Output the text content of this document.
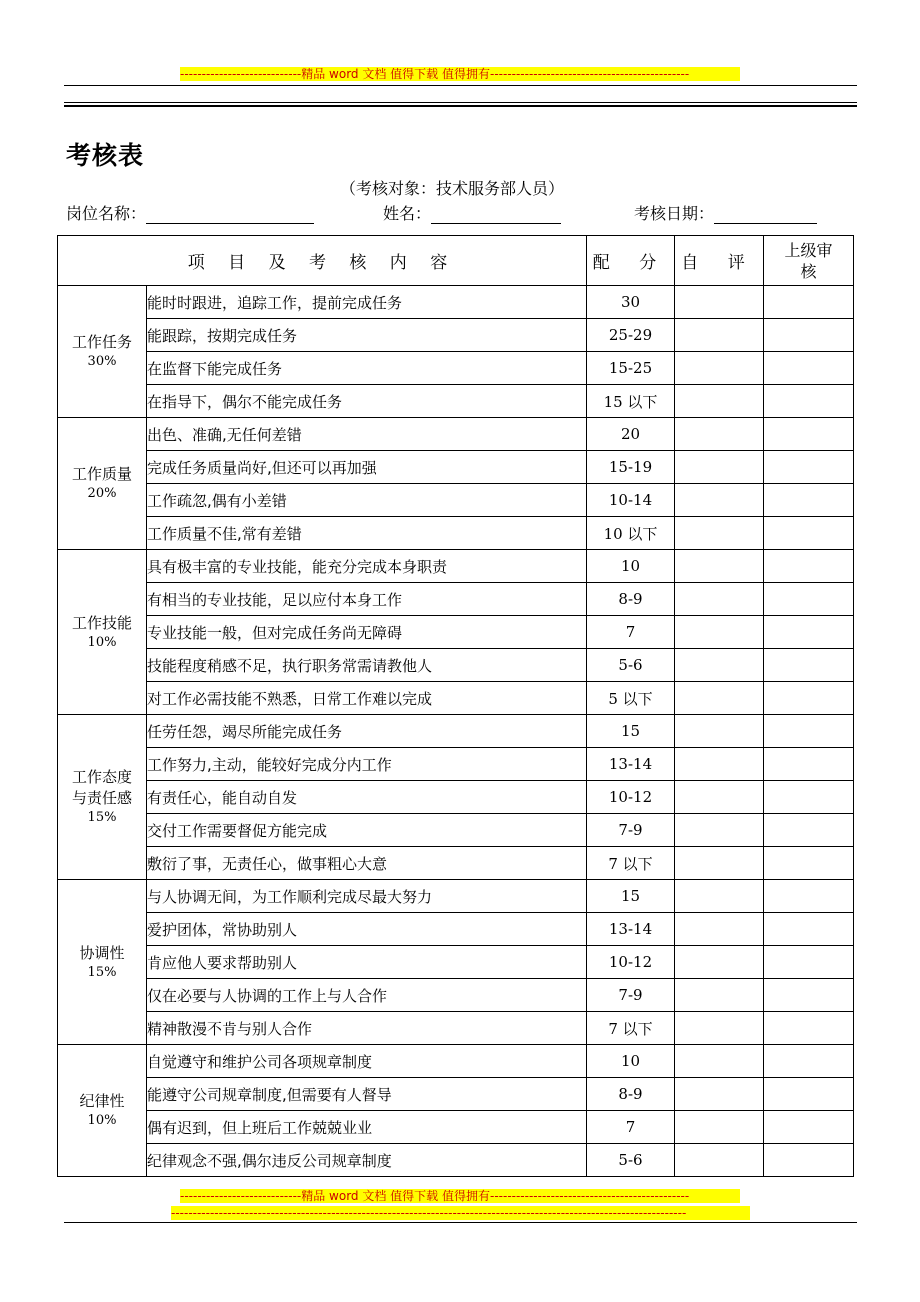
----------------------------精品 word 文档 值得下载 值得拥有----------------------------------------------
考核表
（考核对象：技术服务部人员）
岗位名称：	姓名：	考核日期：
项 目 及 考 核 内 容		配 分	自 评	上级审核

工作任务
30%	能时时跟进，追踪工作，提前完成任务	30		
	能跟踪，按期完成任务	25-29		
	在监督下能完成任务	15-25		
	在指导下，偶尔不能完成任务	15 以下		

工作质量
20%	出色、准确,无任何差错	20		
	完成任务质量尚好,但还可以再加强	15-19		
	工作疏忽,偶有小差错	10-14		
	工作质量不佳,常有差错	10 以下		

工作技能
10%	具有极丰富的专业技能，能充分完成本身职责	10		
	有相当的专业技能，足以应付本身工作	8-9		
	专业技能一般，但对完成任务尚无障碍	7		
	技能程度稍感不足，执行职务常需请教他人	5-6		
	对工作必需技能不熟悉，日常工作难以完成	5 以下		

工作态度与责任感
15%	任劳任怨，竭尽所能完成任务	15		
	工作努力,主动，能较好完成分内工作	13-14		
	有责任心，能自动自发	10-12		
	交付工作需要督促方能完成	7-9		
	敷衍了事，无责任心，做事粗心大意	7 以下		

协调性
15%	与人协调无间，为工作顺利完成尽最大努力	15		
	爱护团体，常协助别人	13-14		
	肯应他人要求帮助别人	10-12		
	仅在必要与人协调的工作上与人合作	7-9		
	精神散漫不肯与别人合作	7 以下		

纪律性
10%	自觉遵守和维护公司各项规章制度	10		
	能遵守公司规章制度,但需要有人督导	8-9		
	偶有迟到，但上班后工作兢兢业业	7		
	纪律观念不强,偶尔违反公司规章制度	5-6		
----------------------------精品 word 文档 值得下载 值得拥有----------------------------------------------
-----------------------------------------------------------------------------------------------------------------------
